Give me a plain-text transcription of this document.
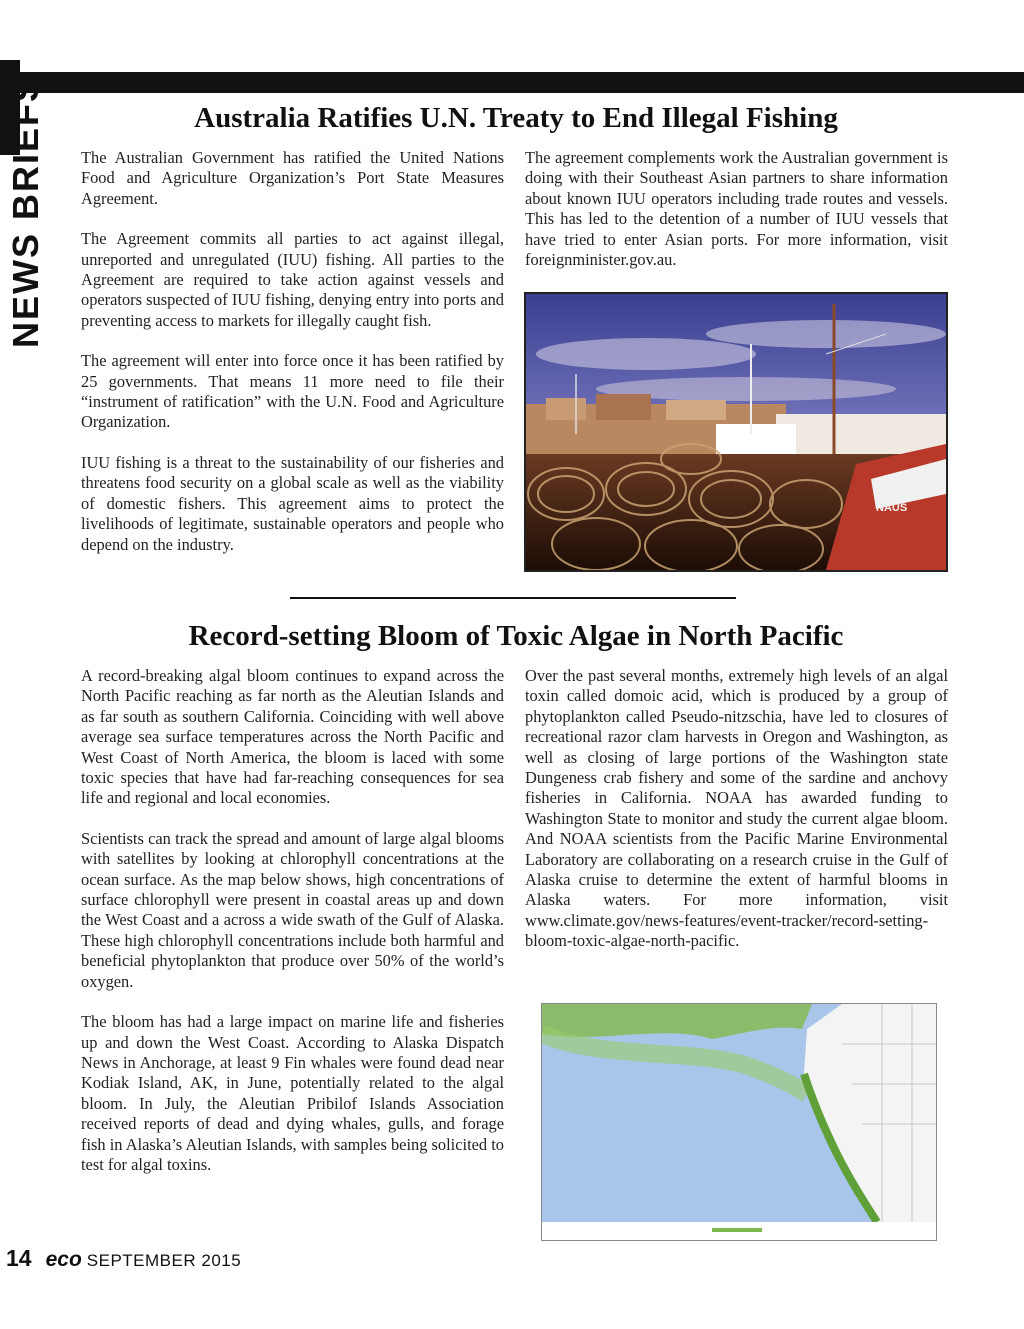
NEWS BRIEFS	Australia Ratifies U.N. Treaty to End Illegal Fishing

The Australian Government has ratified the United Nations Food and Agriculture Organization’s Port State Measures Agreement.

The Agreement commits all parties to act against illegal, unreported and unregulated (IUU) fishing. All parties to the Agreement are required to take action against vessels and operators suspected of IUU fishing, denying entry into ports and preventing access to markets for illegally caught fish.

The agreement will enter into force once it has been ratified by 25 governments. That means 11 more need to file their “instrument of ratification” with the U.N. Food and Agriculture Organization.

IUU fishing is a threat to the sustainability of our fisheries and threatens food security on a global scale as well as the viability of domestic fishers. This agreement aims to protect the livelihoods of legitimate, sustainable operators and people who depend on the industry.

The agreement complements work the Australian government is doing with their Southeast Asian partners to share information about known IUU operators including trade routes and vessels. This has led to the detention of a number of IUU vessels that have tried to enter Asian ports. For more information, visit foreignminister.gov.au.

NAUS
Record-setting Bloom of Toxic Algae in North Pacific

A record-breaking algal bloom continues to expand across the North Pacific reaching as far north as the Aleutian Islands and as far south as southern California. Coinciding with well above average sea surface temperatures across the North Pacific and West Coast of North America, the bloom is laced with some toxic species that have had far-reaching consequences for sea life and regional and local economies.

Scientists can track the spread and amount of large algal blooms with satellites by looking at chlorophyll concentrations at the ocean surface. As the map below shows, high concentrations of surface chlorophyll were present in coastal areas up and down the West Coast and a across a wide swath of the Gulf of Alaska. These high chlorophyll concentrations include both harmful and beneficial phytoplankton that produce over 50% of the world’s oxygen.

The bloom has had a large impact on marine life and fisheries up and down the West Coast. According to Alaska Dispatch News in Anchorage, at least 9 Fin whales were found dead near Kodiak Island, AK, in June, potentially related to the algal bloom. In July, the Aleutian Pribilof Islands Association received reports of dead and dying whales, gulls, and forage fish in Alaska’s Aleutian Islands, with samples being solicited to test for algal toxins.

Over the past several months, extremely high levels of an algal toxin called domoic acid, which is produced by a group of phytoplankton called Pseudo-nitzschia, have led to closures of recreational razor clam harvests in Oregon and Washington, as well as closing of large portions of the Washington state Dungeness crab fishery and some of the sardine and anchovy fisheries in California. NOAA has awarded funding to Washington State to monitor and study the current algae bloom. And NOAA scientists from the Pacific Marine Environmental Laboratory are collaborating on a research cruise in the Gulf of Alaska cruise to determine the extent of harmful blooms in Alaska waters. For more information, visit www.climate.gov/news-features/event-tracker/record-setting-bloom-toxic-algae-north-pacific.

14 eco SEPTEMBER 2015
